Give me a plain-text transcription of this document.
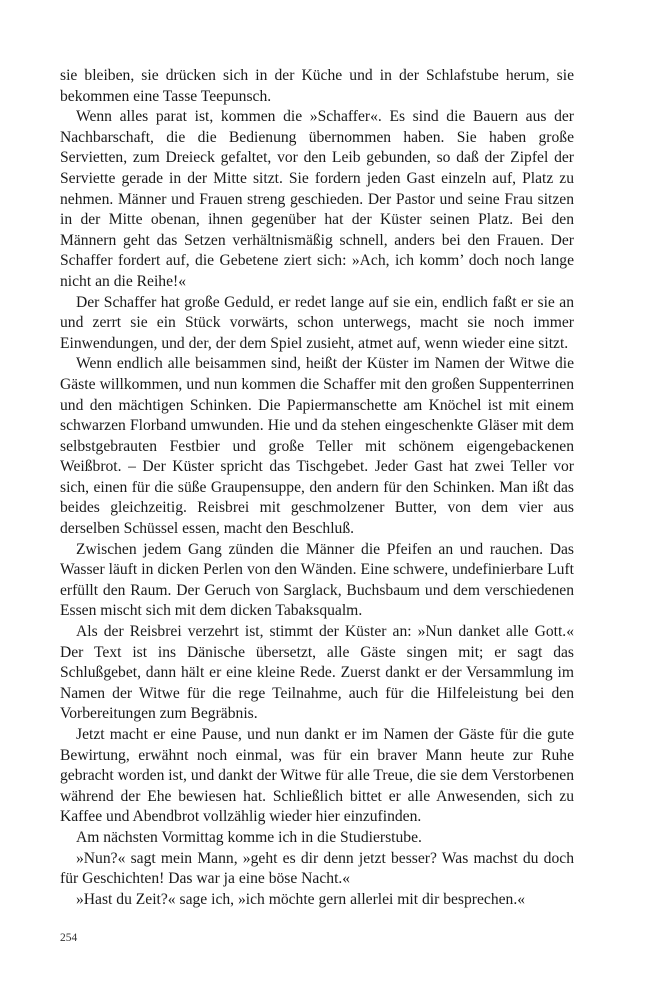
sie bleiben, sie drücken sich in der Küche und in der Schlafstube herum, sie bekommen eine Tasse Teepunsch.

Wenn alles parat ist, kommen die »Schaffer«. Es sind die Bauern aus der Nachbarschaft, die die Bedienung übernommen haben. Sie haben große Servietten, zum Dreieck gefaltet, vor den Leib gebunden, so daß der Zipfel der Serviette gerade in der Mitte sitzt. Sie fordern jeden Gast einzeln auf, Platz zu nehmen. Männer und Frauen streng geschieden. Der Pastor und seine Frau sitzen in der Mitte obenan, ihnen gegenüber hat der Küster seinen Platz. Bei den Männern geht das Setzen verhältnismäßig schnell, anders bei den Frauen. Der Schaffer fordert auf, die Gebetene ziert sich: »Ach, ich komm’ doch noch lange nicht an die Reihe!«

Der Schaffer hat große Geduld, er redet lange auf sie ein, endlich faßt er sie an und zerrt sie ein Stück vorwärts, schon unterwegs, macht sie noch immer Einwendungen, und der, der dem Spiel zusieht, atmet auf, wenn wieder eine sitzt.

Wenn endlich alle beisammen sind, heißt der Küster im Namen der Witwe die Gäste willkommen, und nun kommen die Schaffer mit den großen Suppenterrinen und den mächtigen Schinken. Die Papiermanschette am Knöchel ist mit einem schwarzen Florband umwunden. Hie und da stehen eingeschenkte Gläser mit dem selbstgebrauten Festbier und große Teller mit schönem eigengebackenen Weißbrot. – Der Küster spricht das Tischgebet. Jeder Gast hat zwei Teller vor sich, einen für die süße Graupensuppe, den andern für den Schinken. Man ißt das beides gleichzeitig. Reisbrei mit geschmolzener Butter, von dem vier aus derselben Schüssel essen, macht den Beschluß.

Zwischen jedem Gang zünden die Männer die Pfeifen an und rauchen. Das Wasser läuft in dicken Perlen von den Wänden. Eine schwere, undefinierbare Luft erfüllt den Raum. Der Geruch von Sarglack, Buchsbaum und dem verschiedenen Essen mischt sich mit dem dicken Tabaksqualm.

Als der Reisbrei verzehrt ist, stimmt der Küster an: »Nun danket alle Gott.« Der Text ist ins Dänische übersetzt, alle Gäste singen mit; er sagt das Schlußgebet, dann hält er eine kleine Rede. Zuerst dankt er der Versammlung im Namen der Witwe für die rege Teilnahme, auch für die Hilfeleistung bei den Vorbereitungen zum Begräbnis.

Jetzt macht er eine Pause, und nun dankt er im Namen der Gäste für die gute Bewirtung, erwähnt noch einmal, was für ein braver Mann heute zur Ruhe gebracht worden ist, und dankt der Witwe für alle Treue, die sie dem Verstorbenen während der Ehe bewiesen hat. Schließlich bittet er alle Anwesenden, sich zu Kaffee und Abendbrot vollzählig wieder hier einzufinden.

Am nächsten Vormittag komme ich in die Studierstube.

»Nun?« sagt mein Mann, »geht es dir denn jetzt besser? Was machst du doch für Geschichten! Das war ja eine böse Nacht.«

»Hast du Zeit?« sage ich, »ich möchte gern allerlei mit dir besprechen.«

254
